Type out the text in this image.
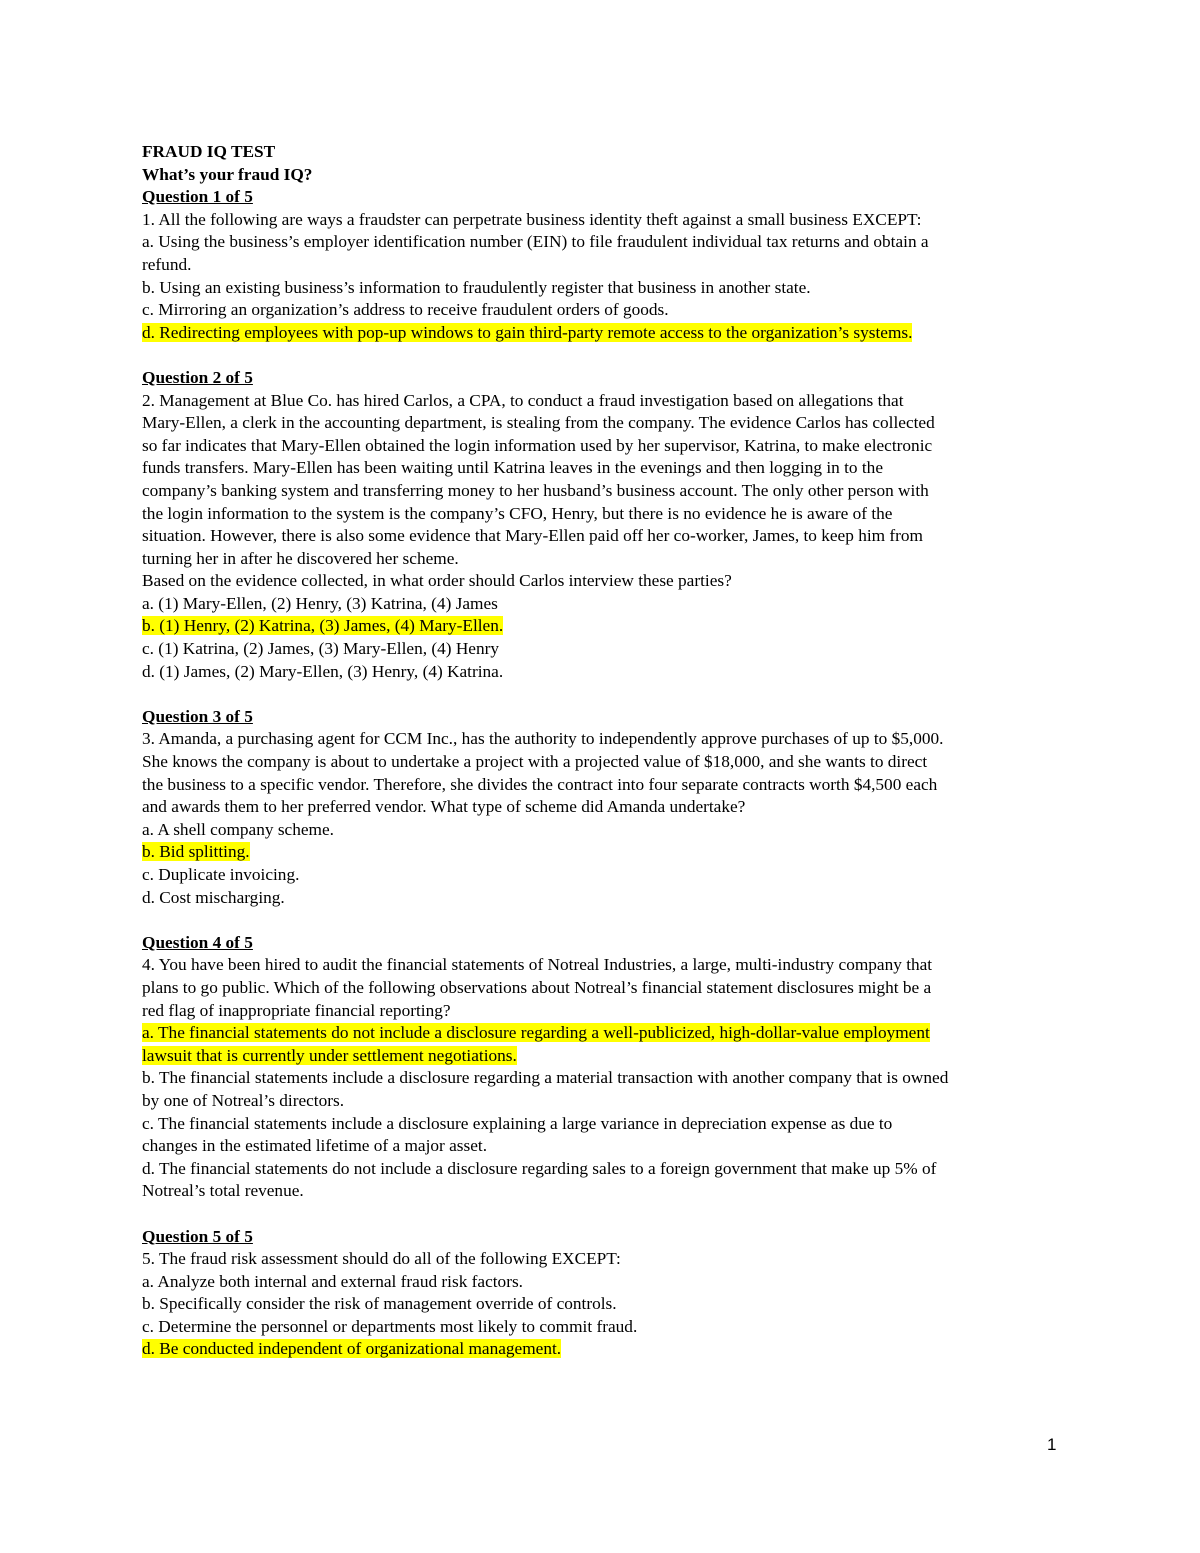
FRAUD IQ TEST
What’s your fraud IQ?
Question 1 of 5
1. All the following are ways a fraudster can perpetrate business identity theft against a small business EXCEPT:
a. Using the business’s employer identification number (EIN) to file fraudulent individual tax returns and obtain a
refund.
b. Using an existing business’s information to fraudulently register that business in another state.
c. Mirroring an organization’s address to receive fraudulent orders of goods.
d. Redirecting employees with pop-up windows to gain third-party remote access to the organization’s systems.
Question 2 of 5
2. Management at Blue Co. has hired Carlos, a CPA, to conduct a fraud investigation based on allegations that
Mary-Ellen, a clerk in the accounting department, is stealing from the company. The evidence Carlos has collected
so far indicates that Mary-Ellen obtained the login information used by her supervisor, Katrina, to make electronic
funds transfers. Mary-Ellen has been waiting until Katrina leaves in the evenings and then logging in to the
company’s banking system and transferring money to her husband’s business account. The only other person with
the login information to the system is the company’s CFO, Henry, but there is no evidence he is aware of the
situation. However, there is also some evidence that Mary-Ellen paid off her co-worker, James, to keep him from
turning her in after he discovered her scheme.
Based on the evidence collected, in what order should Carlos interview these parties?
a. (1) Mary-Ellen, (2) Henry, (3) Katrina, (4) James
b. (1) Henry, (2) Katrina, (3) James, (4) Mary-Ellen.
c. (1) Katrina, (2) James, (3) Mary-Ellen, (4) Henry
d. (1) James, (2) Mary-Ellen, (3) Henry, (4) Katrina.
Question 3 of 5
3. Amanda, a purchasing agent for CCM Inc., has the authority to independently approve purchases of up to $5,000.
She knows the company is about to undertake a project with a projected value of $18,000, and she wants to direct
the business to a specific vendor. Therefore, she divides the contract into four separate contracts worth $4,500 each
and awards them to her preferred vendor. What type of scheme did Amanda undertake?
a. A shell company scheme.
b. Bid splitting.
c. Duplicate invoicing.
d. Cost mischarging.
Question 4 of 5
4. You have been hired to audit the financial statements of Notreal Industries, a large, multi-industry company that
plans to go public. Which of the following observations about Notreal’s financial statement disclosures might be a
red flag of inappropriate financial reporting?
a. The financial statements do not include a disclosure regarding a well-publicized, high-dollar-value employment
lawsuit that is currently under settlement negotiations.
b. The financial statements include a disclosure regarding a material transaction with another company that is owned
by one of Notreal’s directors.
c. The financial statements include a disclosure explaining a large variance in depreciation expense as due to
changes in the estimated lifetime of a major asset.
d. The financial statements do not include a disclosure regarding sales to a foreign government that make up 5% of
Notreal’s total revenue.
Question 5 of 5
5. The fraud risk assessment should do all of the following EXCEPT:
a. Analyze both internal and external fraud risk factors.
b. Specifically consider the risk of management override of controls.
c. Determine the personnel or departments most likely to commit fraud.
d. Be conducted independent of organizational management.
1
